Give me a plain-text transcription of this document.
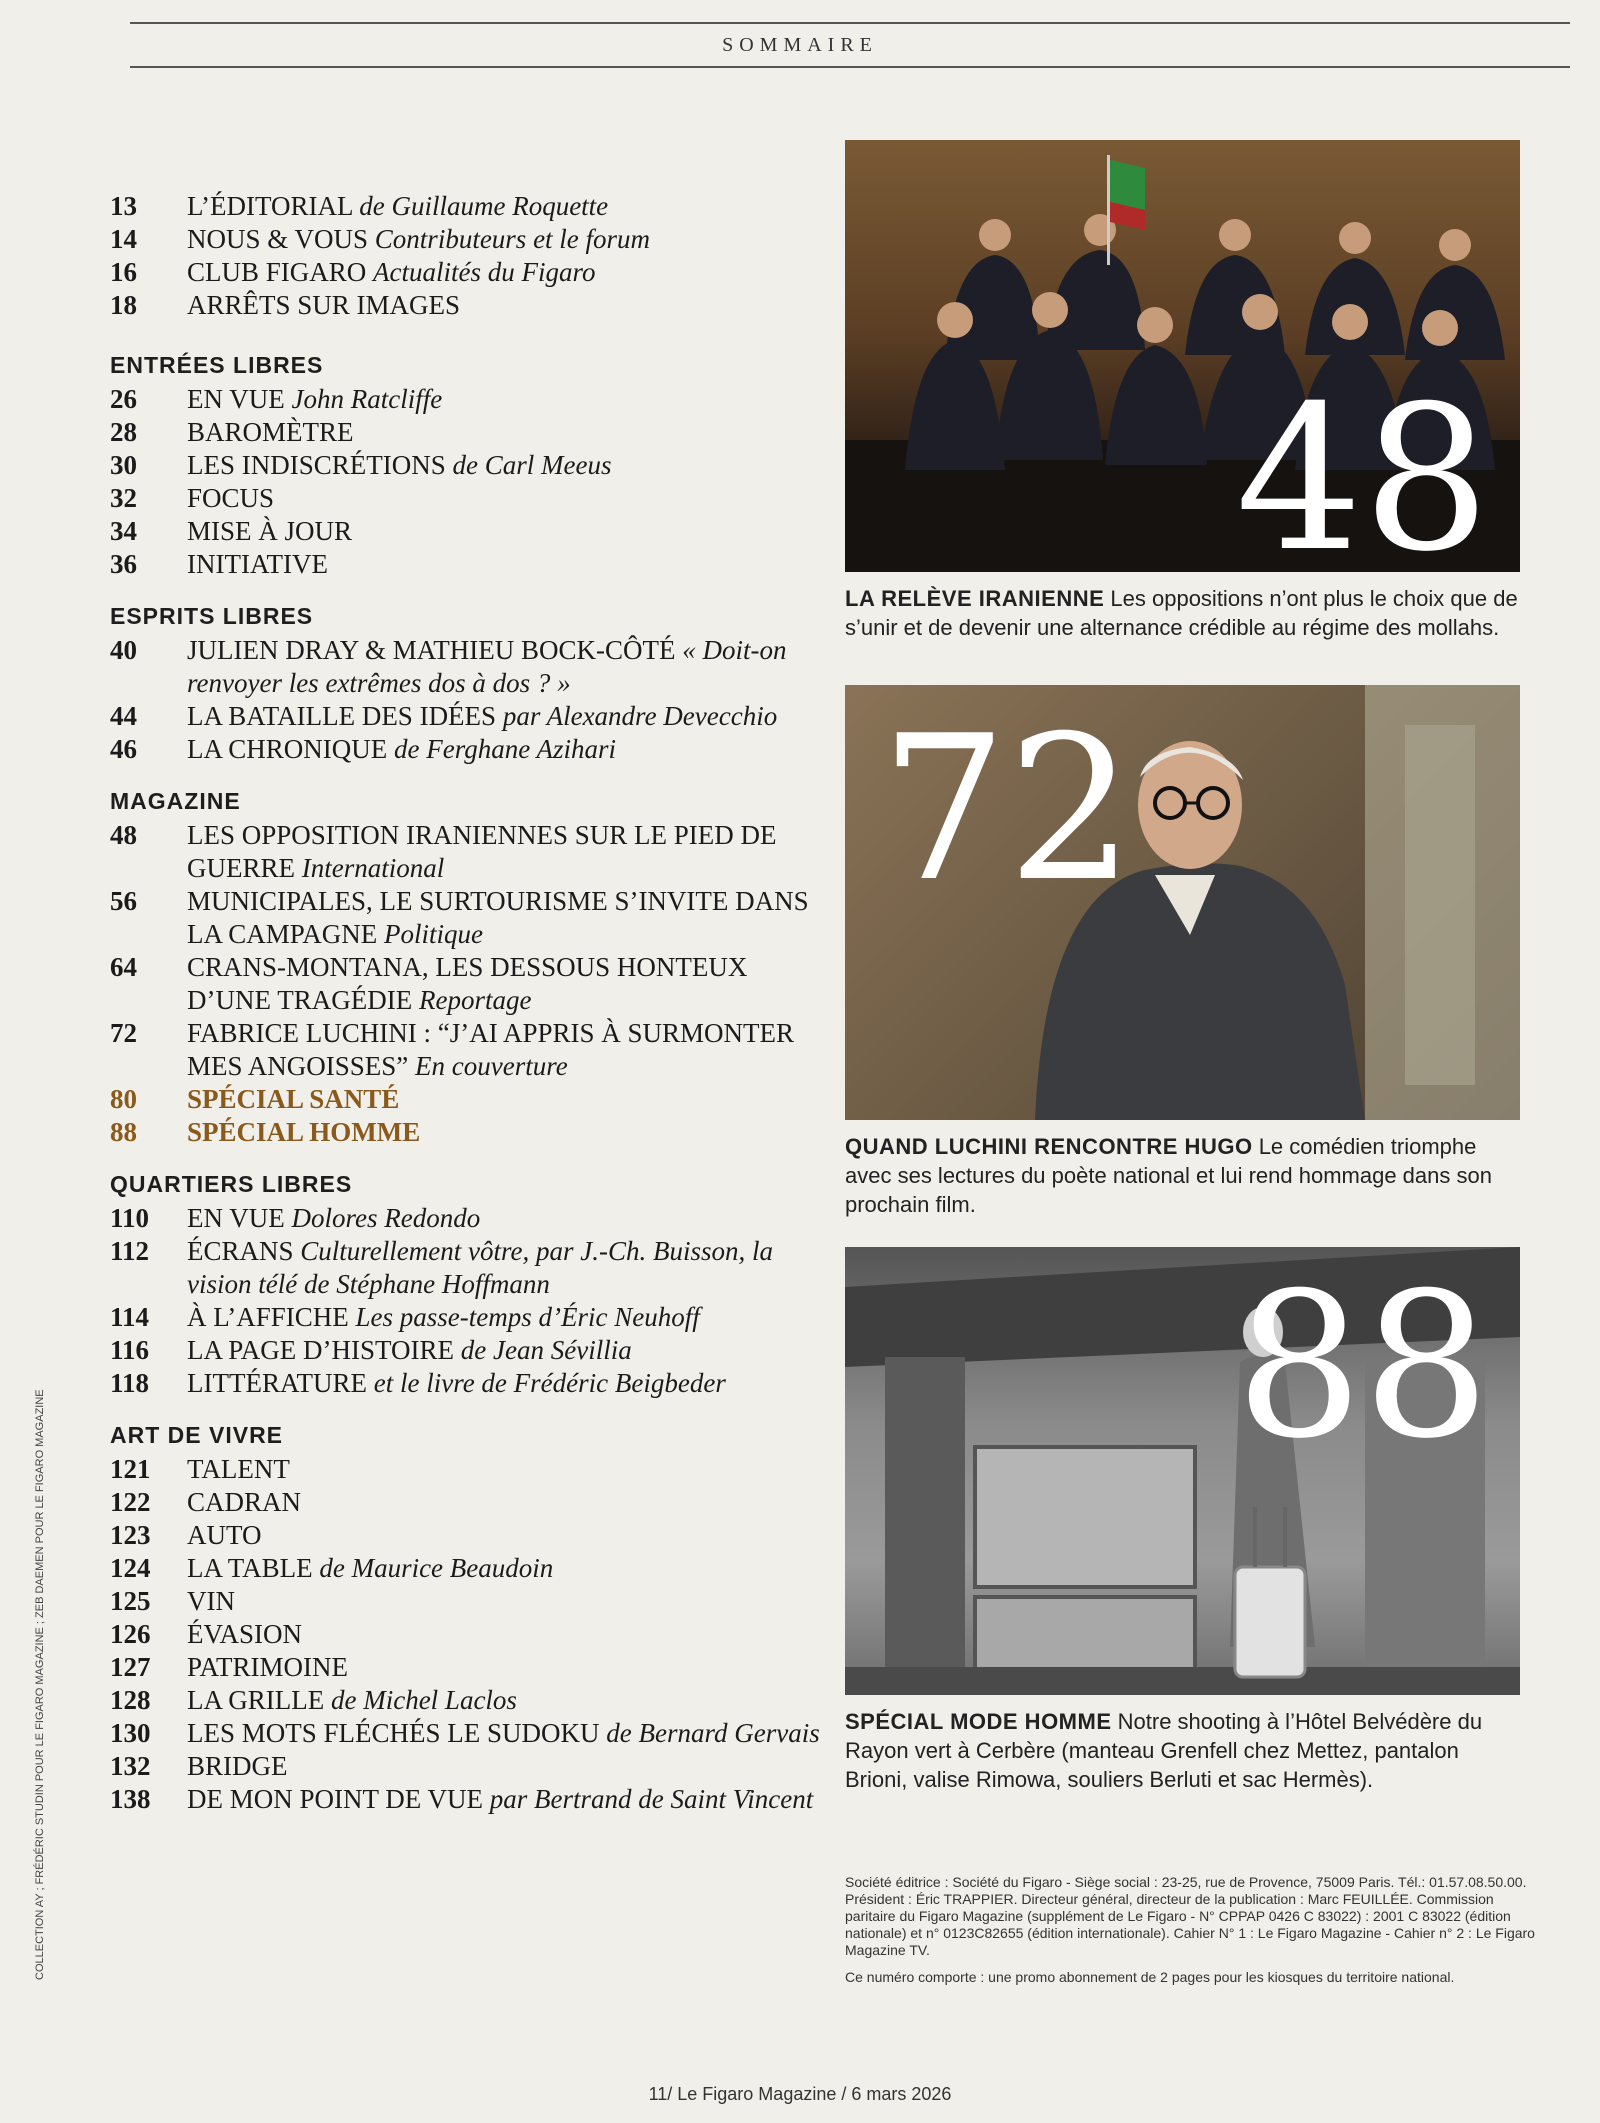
SOMMAIRE
13	L’ÉDITORIAL de Guillaume Roquette
14	NOUS & VOUS Contributeurs et le forum
16	CLUB FIGARO Actualités du Figaro
18	ARRÊTS SUR IMAGES
ENTRÉES LIBRES
26	EN VUE John Ratcliffe
28	BAROMÈTRE
30	LES INDISCRÉTIONS de Carl Meeus
32	FOCUS
34	MISE À JOUR
36	INITIATIVE
ESPRITS LIBRES
40	JULIEN DRAY & MATHIEU BOCK-CÔTÉ « Doit-on renvoyer les extrêmes dos à dos ? »
44	LA BATAILLE DES IDÉES par Alexandre Devecchio
46	LA CHRONIQUE de Ferghane Azihari
MAGAZINE
48	LES OPPOSITION IRANIENNES SUR LE PIED DE GUERRE International
56	MUNICIPALES, LE SURTOURISME S’INVITE DANS LA CAMPAGNE Politique
64	CRANS-MONTANA, LES DESSOUS HONTEUX D’UNE TRAGÉDIE Reportage
72	FABRICE LUCHINI : “J’AI APPRIS À SURMONTER MES ANGOISSES” En couverture
80	SPÉCIAL SANTÉ
88	SPÉCIAL HOMME
QUARTIERS LIBRES
110	EN VUE Dolores Redondo
112	ÉCRANS Culturellement vôtre, par J.-Ch. Buisson, la vision télé de Stéphane Hoffmann
114	À L’AFFICHE Les passe-temps d’Éric Neuhoff
116	LA PAGE D’HISTOIRE de Jean Sévillia
118	LITTÉRATURE et le livre de Frédéric Beigbeder
ART DE VIVRE
121	TALENT
122	CADRAN
123	AUTO
124	LA TABLE de Maurice Beaudoin
125	VIN
126	ÉVASION
127	PATRIMOINE
128	LA GRILLE de Michel Laclos
130	LES MOTS FLÉCHÉS LE SUDOKU de Bernard Gervais
132	BRIDGE
138	DE MON POINT DE VUE par Bertrand de Saint Vincent
48
LA RELÈVE IRANIENNE Les oppositions n’ont plus le choix que de s’unir et de devenir une alternance crédible au régime des mollahs.
72
QUAND LUCHINI RENCONTRE HUGO Le comédien triomphe avec ses lectures du poète national et lui rend hommage dans son prochain film.
88
SPÉCIAL MODE HOMME Notre shooting à l’Hôtel Belvédère du Rayon vert à Cerbère (manteau Grenfell chez Mettez, pantalon Brioni, valise Rimowa, souliers Berluti et sac Hermès).

Société éditrice : Société du Figaro - Siège social : 23-25, rue de Provence, 75009 Paris. Tél.: 01.57.08.50.00. Président : Éric TRAPPIER. Directeur général, directeur de la publication : Marc FEUILLÉE. Commission paritaire du Figaro Magazine (supplément de Le Figaro - N° CPPAP 0426 C 83022) : 2001 C 83022 (édition nationale) et n° 0123C82655 (édition internationale). Cahier N° 1 : Le Figaro Magazine - Cahier n° 2 : Le Figaro Magazine TV.

Ce numéro comporte : une promo abonnement de 2 pages pour les kiosques du territoire national.

11/ Le Figaro Magazine / 6 mars 2026
COLLECTION AY ; FRÉDÉRIC STUDIN POUR LE FIGARO MAGAZINE ; ZEB DAEMEN POUR LE FIGARO MAGAZINE
